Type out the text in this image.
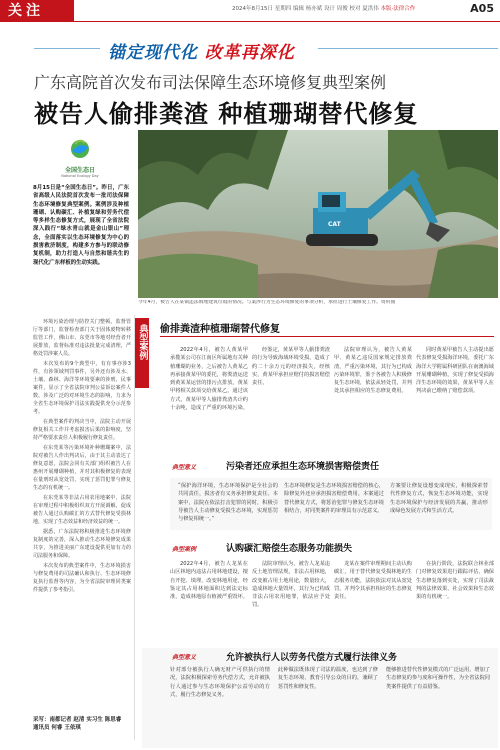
关注	2024年8月15日 星期四 编辑 杨亦斌 设计 周俊 校对 夏洪伟 本版·法律合作	A05
锚定现代化 改革再深化
广东高院首次发布司法保障生态环境修复典型案例
被告人偷排粪渣 种植珊瑚替代修复
全国生态日
National Ecology Day
8月15日是“全国生态日”。昨日，广东省高级人民法院首次发布一批司法保障生态环境修复典型案例。案例涉及种植珊瑚、认购碳汇、补植复绿和劳务代偿等多样生态修复方式，展现了全省法院深入践行“绿水青山就是金山银山”理念，全面落实以生态环境修复为中心的损害救济制度，构建多方参与的联动修复机制，助力打造人与自然和谐共生的现代化广东样板的生动实践。
CAT
今年4月，被告人在某镇违法填埋建筑垃圾的情况。与案涉行为生态环境修复的事项分析，承担进行土壤修复工作。资料图

环境污染治理与防控关门整顿。监督管厅等部门，监督检查部门关于固体废物转移监管工作，佛山市、东莞市等地对经营者开展排放，监督标准对违法批量完成清理，严格处罚涉案人员。

本次发布的9个典型中，有有事亦涉3件，有涉领域判罚事件，另外还有涉及水、土壤、森林、海洋等环境要素的涉刑、民事案件，显示了全省法院审判公益诉讼案件人数、涉及广泛的对环境生态的影响，力求为全省生态环境保护司法实践提供充分示范参考。

在典型案件的判决当中，法院主动开展修复相关工作并考虑损害后果的影响度，坚持严格要求责任人积极履行修复责任。

在东莞某等污染环境补种珊瑚案中，法院对被告人作出判决后，由于其主动表达了修复意愿，法院会同有关部门组织被告人在惠州开展珊瑚种植，并对其积极修复的表现在量刑时从宽处罚，实现了惩罚犯罪与修复生态的有机统一。

在东莞某等非法占用农用地案中，法院在审理过程中积极组织双方开展调解，促成被告人通过认购碳汇的方式替代修复受损林地，实现了生态效益和经济效益的统一。

据悉，广东法院将积极推进生态环境修复制度的完善，深入推动生态环境修复成果共享，为推进美丽广东建设提供更加有力的司法服务和保障。

本次发布的典型案件中，生态环境损害与修复费用的司法确认和执行、生态环境修复执行监督等内容，为全省法院审理同类案件提供了参考指引。

采写：南都记者 赵清 实习生 陈思睿
通讯员 何睿 王依琪
典型案例 偷排粪渣种植珊瑚替代修复

2022年4月，被告人黄某甲承揽某公司在江南区所属地有关种植珊瑚的业务，之后被告人黄某乙再承接黄某甲的委托，将粪渣运送到黄某某运营的排污点排放，黄某甲将相关款项交给黄某乙，通过该方式，黄某甲等人偷排粪渣共计约十余吨，造成了严重的环境污染。

经鉴定，黄某甲等人偷排粪渣的行为导致海域环境受损，造成了约二十余万元的经济损失，经核实，黄某甲承担应赔付的损害赔偿责任。

法院审理认为，被告人黄某甲、黄某乙违反国家规定排放粪渣，严重污染环境，其行为已构成污染环境罪，鉴于各被告人积极修复生态环境，依法从轻处罚，并判处其承担相应的生态修复费用。

同时黄某甲被告人主动提出愿代表修复受损海洋环境，委托广东海洋大学附属科研团队在南澳海域开展珊瑚种植，实现了修复受损海洋生态环境的效果，黄某甲等人在判决前已缴纳了赔偿款项。

典型意义	污染者还应承担生态环境损害赔偿责任
“保护海洋环境，生态环境保护是全社会的共同责任，损害者有义务承担修复责任。本案中，法院在依法打击犯罪的同时，积极引导被告人主动修复受损生态环境，实现惩罚与修复相统一。”
生态环境修复是生态环境损害赔偿的核心，除修复外还应承担损害赔偿费用。本案通过替代修复方式，将惩治犯罪与修复生态环境相结合，对同类案件的审理具有示范意义。
方案要让修复设想变成现实，积极探索替代性修复方式，恢复生态环境功能，实现生态环境保护与经济发展的共赢，推动形成绿色发展方式和生活方式。
典型案例	认购碳汇赔偿生态服务功能损失

2022年4月，被告人龙某在山区林地内违法占用林地建设，擅自开挖、填埋，改变林地用途，经鉴定其占用林地面积达到法定标准，造成林地原有植被严重毁坏。

法院审理认为，被告人龙某违反土地管理法规，非法占用林地，改变被占用土地用途，数量较大，造成林地大量毁坏，其行为已构成非法占用农用地罪，依法应予处罚。

龙某在案件审理期间主动认购碳汇，用于替代修复受损林地的生态服务功能，法院依法对其从宽处罚，并判令其承担相应的生态修复责任。

在执行阶段，法院联合林业部门对修复效果进行跟踪评估，确保生态修复落到实处，实现了司法裁判的法律效果、社会效果和生态效果的有机统一。

典型意义	允许被执行人以劳务代偿方式履行法律义务
针对部分被执行人确无财产可供执行的情况，法院积极探索劳务代偿方式，允许被执行人通过参与生态环境保护公益劳动的方式，履行生态修复义务。
此种做法既体现了司法的温度，也达到了修复生态环境、教育引导公众的目的，兼顾了惩罚性和修复性。
能够推进替代性修复模式的广泛运用，增加了生态修复的参与度和可操作性，为全省法院同类案件提供了有益借鉴。
